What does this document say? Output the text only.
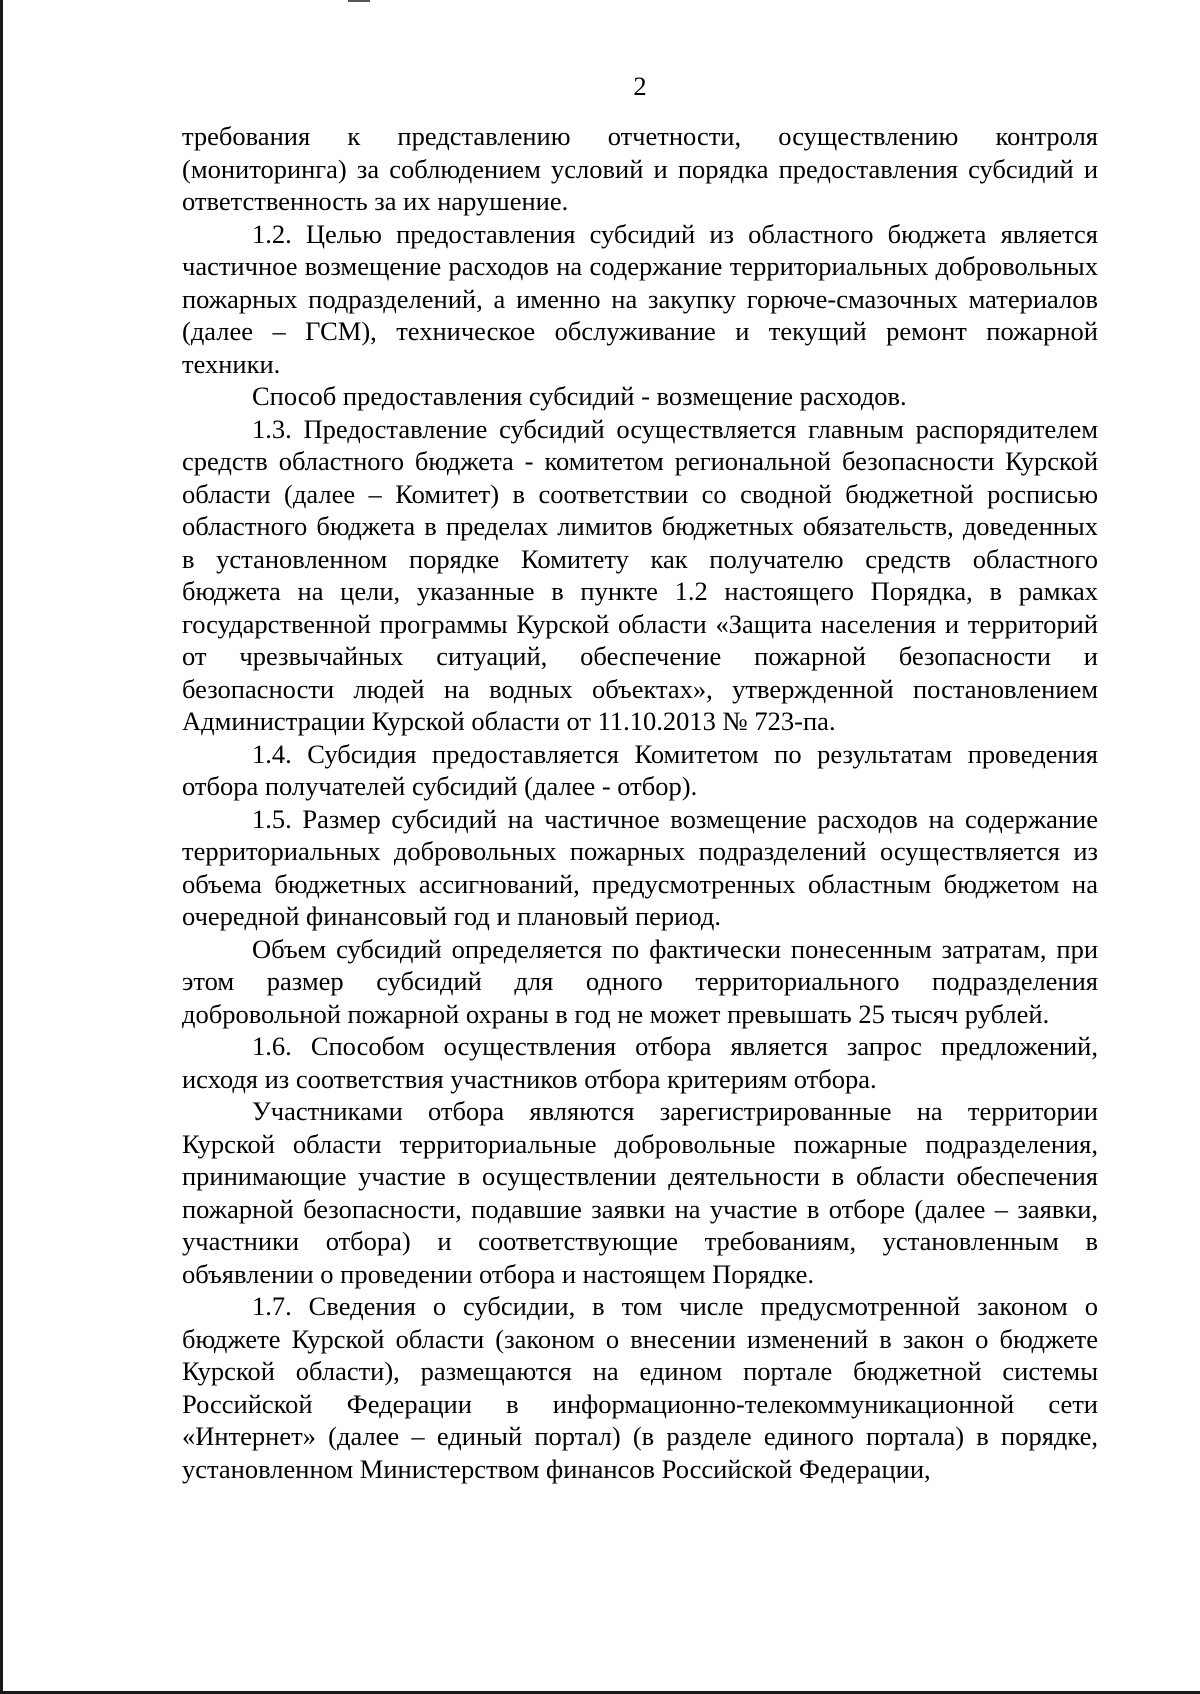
2

требования к представлению отчетности, осуществлению контроля (мониторинга) за соблюдением условий и порядка предоставления субсидий и ответственность за их нарушение.

1.2. Целью предоставления субсидий из областного бюджета является частичное возмещение расходов на содержание территориальных добровольных пожарных подразделений, а именно на закупку горюче-смазочных материалов (далее – ГСМ), техническое обслуживание и текущий ремонт пожарной техники.

Способ предоставления субсидий - возмещение расходов.

1.3. Предоставление субсидий осуществляется главным распорядителем средств областного бюджета - комитетом региональной безопасности Курской области (далее – Комитет) в соответствии со сводной бюджетной росписью областного бюджета в пределах лимитов бюджетных обязательств, доведенных в установленном порядке Комитету как получателю средств областного бюджета на цели, указанные в пункте 1.2 настоящего Порядка, в рамках государственной программы Курской области «Защита населения и территорий от чрезвычайных ситуаций, обеспечение пожарной безопасности и безопасности людей на водных объектах», утвержденной постановлением Администрации Курской области от 11.10.2013 № 723-па.

1.4. Субсидия предоставляется Комитетом по результатам проведения отбора получателей субсидий (далее - отбор).

1.5. Размер субсидий на частичное возмещение расходов на содержание территориальных добровольных пожарных подразделений осуществляется из объема бюджетных ассигнований, предусмотренных областным бюджетом на очередной финансовый год и плановый период.

Объем субсидий определяется по фактически понесенным затратам, при этом размер субсидий для одного территориального подразделения добровольной пожарной охраны в год не может превышать 25 тысяч рублей.

1.6. Способом осуществления отбора является запрос предложений, исходя из соответствия участников отбора критериям отбора.

Участниками отбора являются зарегистрированные на территории Курской области территориальные добровольные пожарные подразделения, принимающие участие в осуществлении деятельности в области обеспечения пожарной безопасности, подавшие заявки на участие в отборе (далее – заявки, участники отбора) и соответствующие требованиям, установленным в объявлении о проведении отбора и настоящем Порядке.

1.7. Сведения о субсидии, в том числе предусмотренной законом о бюджете Курской области (законом о внесении изменений в закон о бюджете Курской области), размещаются на едином портале бюджетной системы Российской Федерации в информационно-телекоммуникационной сети «Интернет» (далее – единый портал) (в разделе единого портала) в порядке, установленном Министерством финансов Российской Федерации,
